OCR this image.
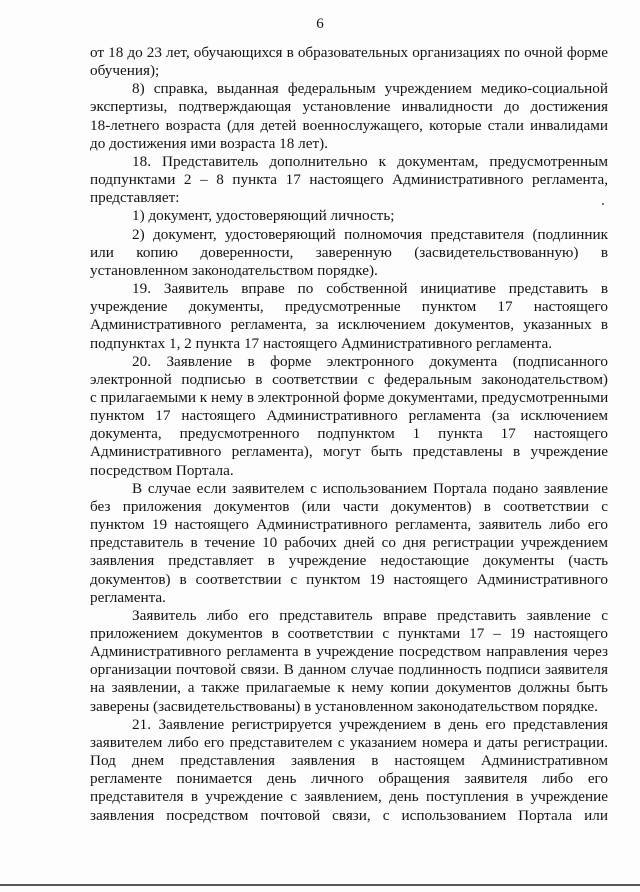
6
от 18 до 23 лет, обучающихся в образовательных организациях по очной форме
обучения);
8) справка, выданная федеральным учреждением медико-социальной
экспертизы, подтверждающая установление инвалидности до достижения
18-летнего возраста (для детей военнослужащего, которые стали инвалидами
до достижения ими возраста 18 лет).
18. Представитель дополнительно к документам, предусмотренным
подпунктами 2 – 8 пункта 17 настоящего Административного регламента,
представляет:
1) документ, удостоверяющий личность;
2) документ, удостоверяющий полномочия представителя (подлинник
или копию доверенности, заверенную (засвидетельствованную) в
установленном законодательством порядке).
19. Заявитель вправе по собственной инициативе представить в
учреждение документы, предусмотренные пунктом 17 настоящего
Административного регламента, за исключением документов, указанных в
подпунктах 1, 2 пункта 17 настоящего Административного регламента.
20. Заявление в форме электронного документа (подписанного
электронной подписью в соответствии с федеральным законодательством)
с прилагаемыми к нему в электронной форме документами, предусмотренными
пунктом 17 настоящего Административного регламента (за исключением
документа, предусмотренного подпунктом 1 пункта 17 настоящего
Административного регламента), могут быть представлены в учреждение
посредством Портала.
В случае если заявителем с использованием Портала подано заявление
без приложения документов (или части документов) в соответствии с
пунктом 19 настоящего Административного регламента, заявитель либо его
представитель в течение 10 рабочих дней со дня регистрации учреждением
заявления представляет в учреждение недостающие документы (часть
документов) в соответствии с пунктом 19 настоящего Административного
регламента.
Заявитель либо его представитель вправе представить заявление с
приложением документов в соответствии с пунктами 17 – 19 настоящего
Административного регламента в учреждение посредством направления через
организации почтовой связи. В данном случае подлинность подписи заявителя
на заявлении, а также прилагаемые к нему копии документов должны быть
заверены (засвидетельствованы) в установленном законодательством порядке.
21. Заявление регистрируется учреждением в день его представления
заявителем либо его представителем с указанием номера и даты регистрации.
Под днем представления заявления в настоящем Административном
регламенте понимается день личного обращения заявителя либо его
представителя в учреждение с заявлением, день поступления в учреждение
заявления посредством почтовой связи, с использованием Портала или
